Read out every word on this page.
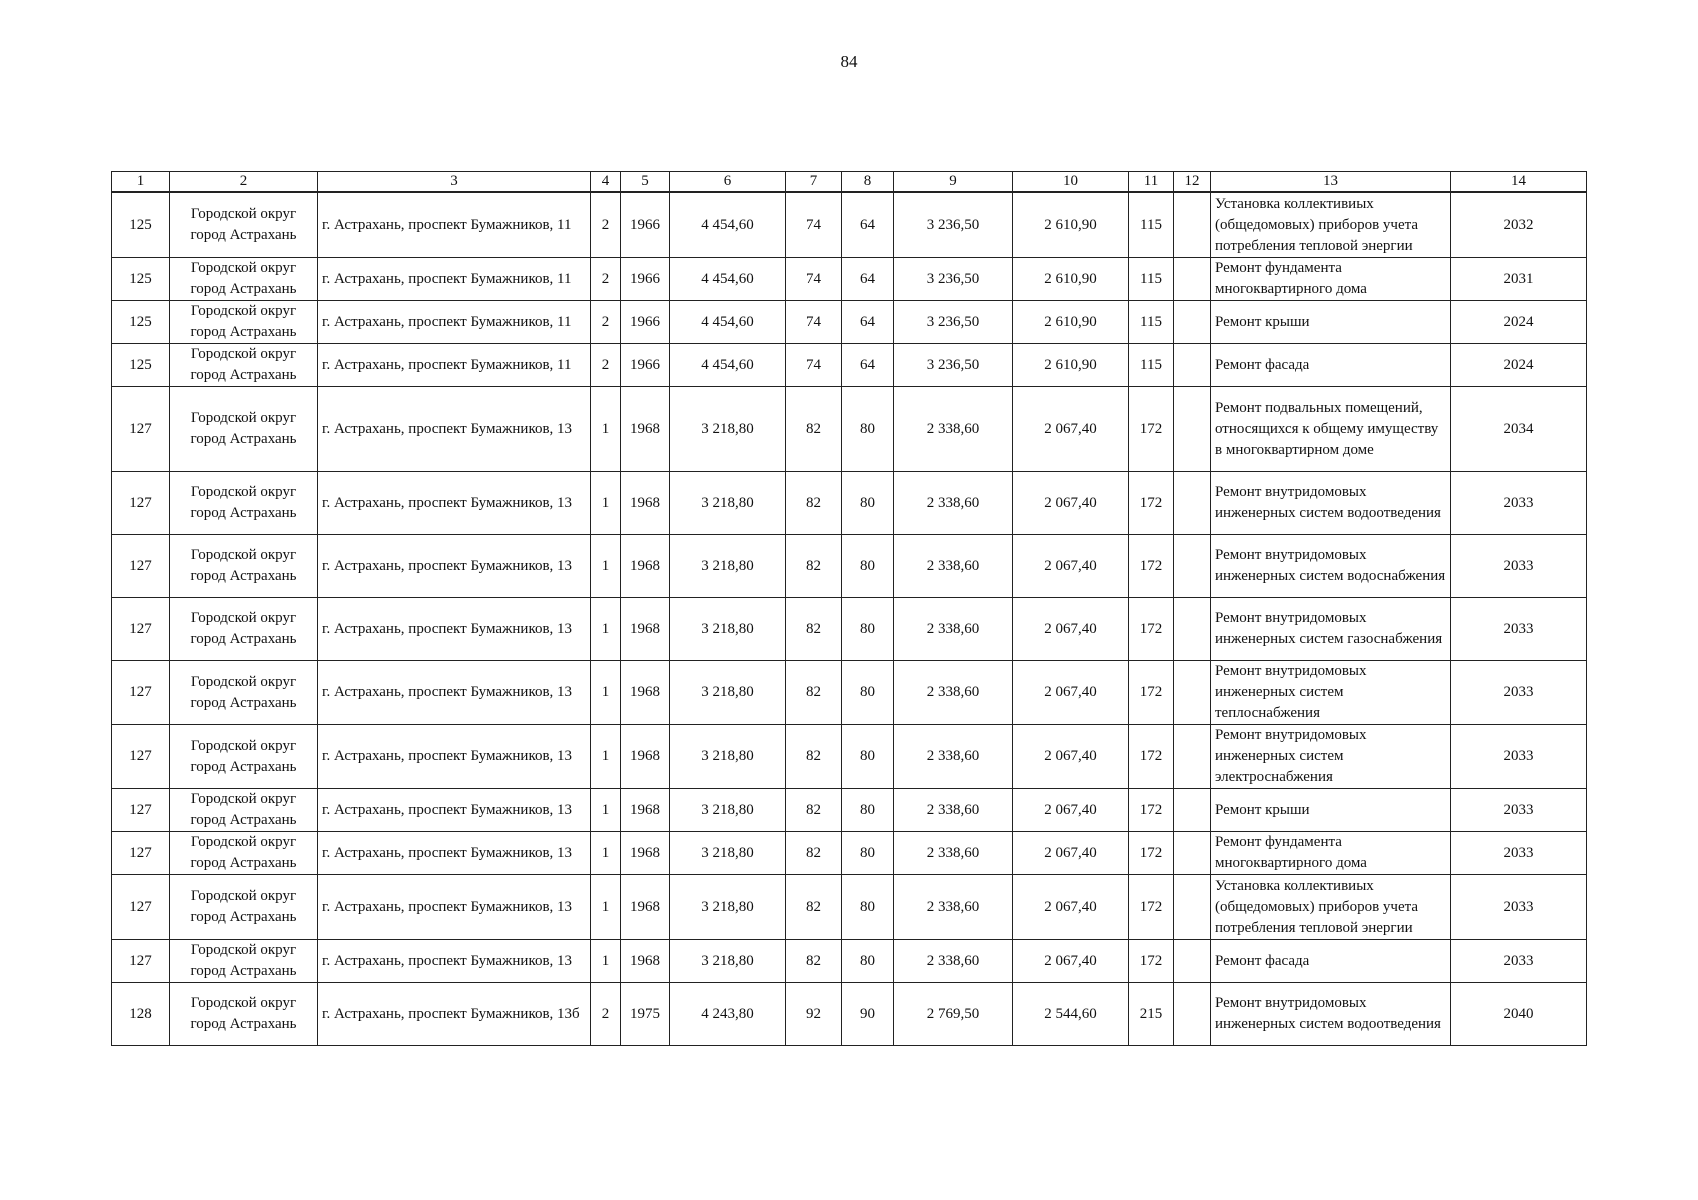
84
1	2	3	4	5	6	7	8	9	10	11	12	13	14
125	Городской округ город Астрахань	г. Астрахань, проспект Бумажников, 11	2	1966	4 454,60	74	64	3 236,50	2 610,90	115		Установка коллективиых (общедомовых) приборов учета потребления тепловой энергии	2032
125	Городской округ город Астрахань	г. Астрахань, проспект Бумажников, 11	2	1966	4 454,60	74	64	3 236,50	2 610,90	115		Ремонт фундамента многоквартирного дома	2031
125	Городской округ город Астрахань	г. Астрахань, проспект Бумажников, 11	2	1966	4 454,60	74	64	3 236,50	2 610,90	115		Ремонт крыши	2024
125	Городской округ город Астрахань	г. Астрахань, проспект Бумажников, 11	2	1966	4 454,60	74	64	3 236,50	2 610,90	115		Ремонт фасада	2024
127	Городской округ город Астрахань	г. Астрахань, проспект Бумажников, 13	1	1968	3 218,80	82	80	2 338,60	2 067,40	172		Ремонт подвальных помещений, относящихся к общему имуществу в многоквартирном доме	2034
127	Городской округ город Астрахань	г. Астрахань, проспект Бумажников, 13	1	1968	3 218,80	82	80	2 338,60	2 067,40	172		Ремонт внутридомовых инженерных систем водоотведения	2033
127	Городской округ город Астрахань	г. Астрахань, проспект Бумажников, 13	1	1968	3 218,80	82	80	2 338,60	2 067,40	172		Ремонт внутридомовых инженерных систем водоснабжения	2033
127	Городской округ город Астрахань	г. Астрахань, проспект Бумажников, 13	1	1968	3 218,80	82	80	2 338,60	2 067,40	172		Ремонт внутридомовых инженерных систем газоснабжения	2033
127	Городской округ город Астрахань	г. Астрахань, проспект Бумажников, 13	1	1968	3 218,80	82	80	2 338,60	2 067,40	172		Ремонт внутридомовых инженерных систем теплоснабжения	2033
127	Городской округ город Астрахань	г. Астрахань, проспект Бумажников, 13	1	1968	3 218,80	82	80	2 338,60	2 067,40	172		Ремонт внутридомовых инженерных систем электроснабжения	2033
127	Городской округ город Астрахань	г. Астрахань, проспект Бумажников, 13	1	1968	3 218,80	82	80	2 338,60	2 067,40	172		Ремонт крыши	2033
127	Городской округ город Астрахань	г. Астрахань, проспект Бумажников, 13	1	1968	3 218,80	82	80	2 338,60	2 067,40	172		Ремонт фундамента многоквартирного дома	2033
127	Городской округ город Астрахань	г. Астрахань, проспект Бумажников, 13	1	1968	3 218,80	82	80	2 338,60	2 067,40	172		Установка коллективиых (общедомовых) приборов учета потребления тепловой энергии	2033
127	Городской округ город Астрахань	г. Астрахань, проспект Бумажников, 13	1	1968	3 218,80	82	80	2 338,60	2 067,40	172		Ремонт фасада	2033
128	Городской округ город Астрахань	г. Астрахань, проспект Бумажников, 13б	2	1975	4 243,80	92	90	2 769,50	2 544,60	215		Ремонт внутридомовых инженерных систем водоотведения	2040
